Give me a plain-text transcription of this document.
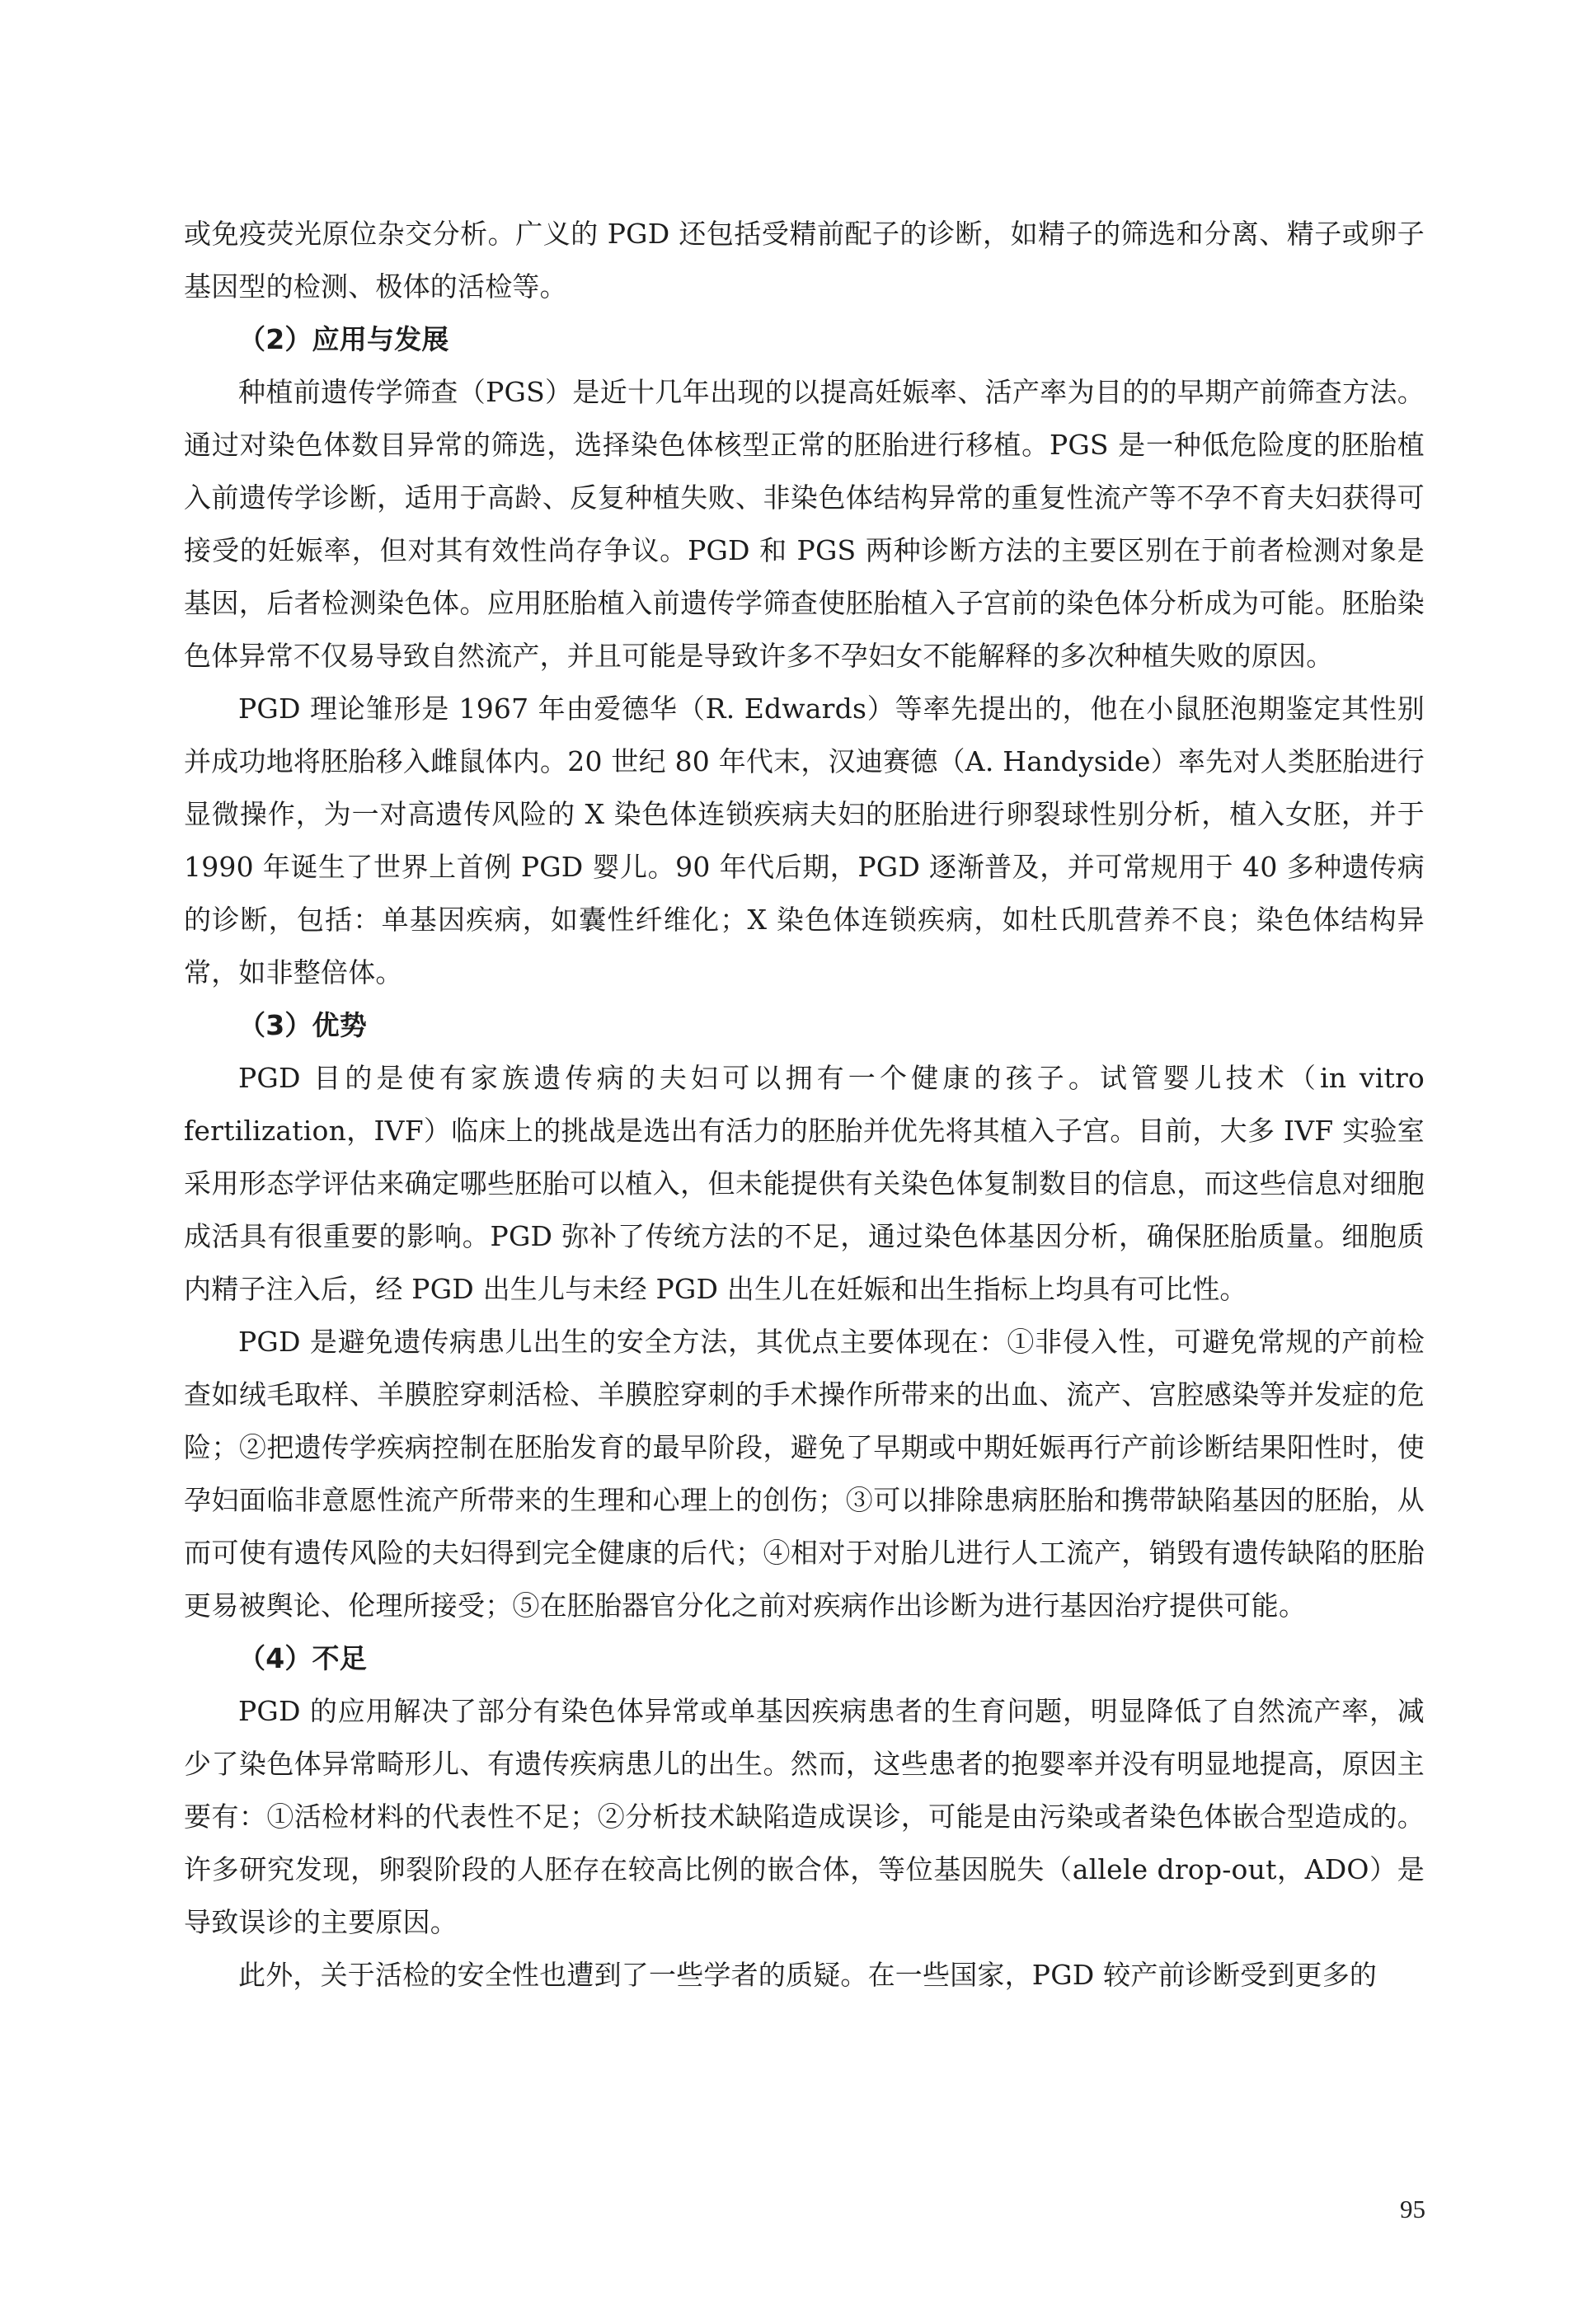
或免疫荧光原位杂交分析。广义的 PGD 还包括受精前配子的诊断，如精子的筛选和分离、精子或卵子基因型的检测、极体的活检等。

（2）应用与发展

种植前遗传学筛查（PGS）是近十几年出现的以提高妊娠率、活产率为目的的早期产前筛查方法。通过对染色体数目异常的筛选，选择染色体核型正常的胚胎进行移植。PGS 是一种低危险度的胚胎植入前遗传学诊断，适用于高龄、反复种植失败、非染色体结构异常的重复性流产等不孕不育夫妇获得可接受的妊娠率，但对其有效性尚存争议。PGD 和 PGS 两种诊断方法的主要区别在于前者检测对象是基因，后者检测染色体。应用胚胎植入前遗传学筛查使胚胎植入子宫前的染色体分析成为可能。胚胎染色体异常不仅易导致自然流产，并且可能是导致许多不孕妇女不能解释的多次种植失败的原因。

PGD 理论雏形是 1967 年由爱德华（R. Edwards）等率先提出的，他在小鼠胚泡期鉴定其性别并成功地将胚胎移入雌鼠体内。20 世纪 80 年代末，汉迪赛德（A. Handyside）率先对人类胚胎进行显微操作，为一对高遗传风险的 X 染色体连锁疾病夫妇的胚胎进行卵裂球性别分析，植入女胚，并于 1990 年诞生了世界上首例 PGD 婴儿。90 年代后期，PGD 逐渐普及，并可常规用于 40 多种遗传病的诊断，包括：单基因疾病，如囊性纤维化；X 染色体连锁疾病，如杜氏肌营养不良；染色体结构异常，如非整倍体。

（3）优势

PGD 目的是使有家族遗传病的夫妇可以拥有一个健康的孩子。试管婴儿技术（in vitro fertilization，IVF）临床上的挑战是选出有活力的胚胎并优先将其植入子宫。目前，大多 IVF 实验室采用形态学评估来确定哪些胚胎可以植入，但未能提供有关染色体复制数目的信息，而这些信息对细胞成活具有很重要的影响。PGD 弥补了传统方法的不足，通过染色体基因分析，确保胚胎质量。细胞质内精子注入后，经 PGD 出生儿与未经 PGD 出生儿在妊娠和出生指标上均具有可比性。

PGD 是避免遗传病患儿出生的安全方法，其优点主要体现在：①非侵入性，可避免常规的产前检查如绒毛取样、羊膜腔穿刺活检、羊膜腔穿刺的手术操作所带来的出血、流产、宫腔感染等并发症的危险；②把遗传学疾病控制在胚胎发育的最早阶段，避免了早期或中期妊娠再行产前诊断结果阳性时，使孕妇面临非意愿性流产所带来的生理和心理上的创伤；③可以排除患病胚胎和携带缺陷基因的胚胎，从而可使有遗传风险的夫妇得到完全健康的后代；④相对于对胎儿进行人工流产，销毁有遗传缺陷的胚胎更易被舆论、伦理所接受；⑤在胚胎器官分化之前对疾病作出诊断为进行基因治疗提供可能。

（4）不足

PGD 的应用解决了部分有染色体异常或单基因疾病患者的生育问题，明显降低了自然流产率，减少了染色体异常畸形儿、有遗传疾病患儿的出生。然而，这些患者的抱婴率并没有明显地提高，原因主要有：①活检材料的代表性不足；②分析技术缺陷造成误诊，可能是由污染或者染色体嵌合型造成的。许多研究发现，卵裂阶段的人胚存在较高比例的嵌合体，等位基因脱失（allele drop-out，ADO）是导致误诊的主要原因。

此外，关于活检的安全性也遭到了一些学者的质疑。在一些国家，PGD 较产前诊断受到更多的

95
